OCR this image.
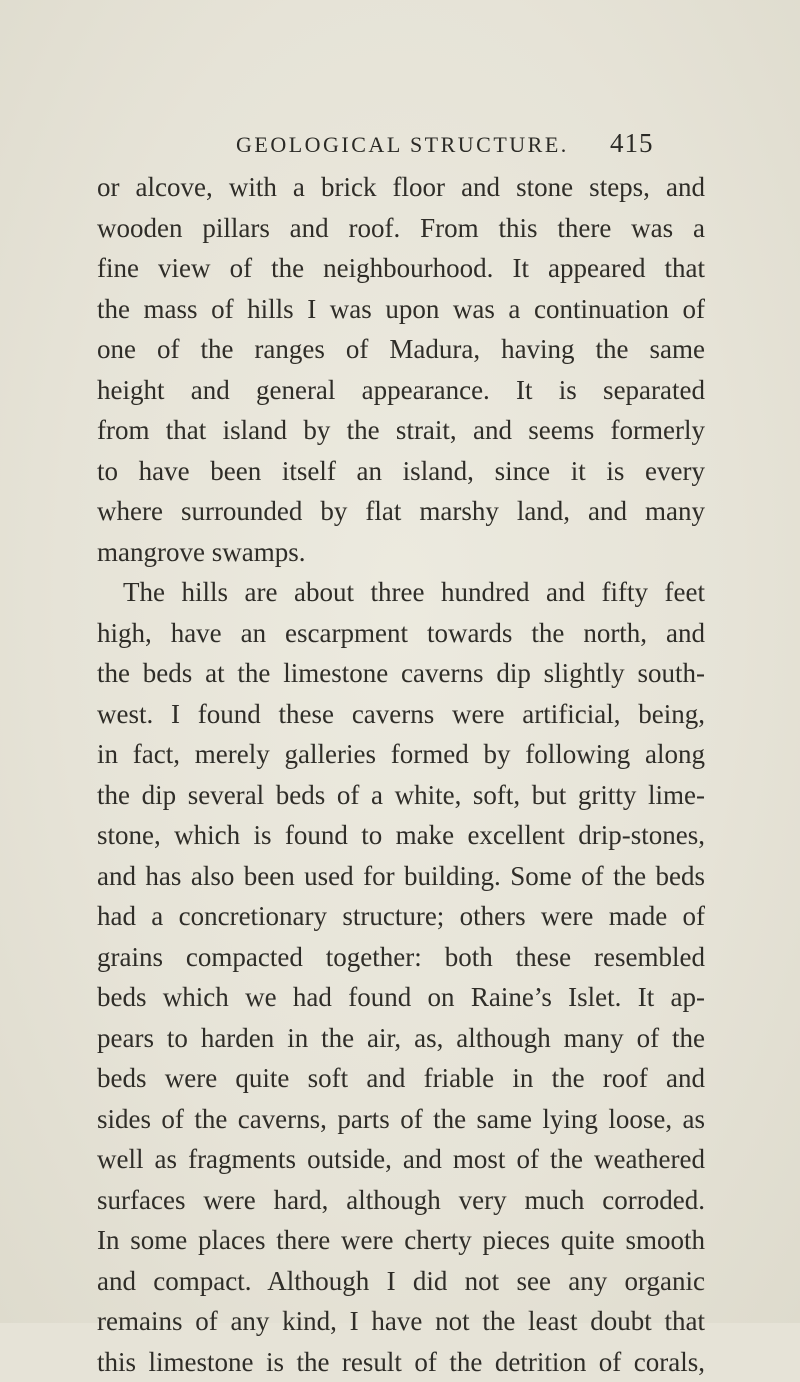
GEOLOGICAL STRUCTURE. 415
or alcove, with a brick floor and stone steps, and
wooden pillars and roof. From this there was a
fine view of the neighbourhood. It appeared that
the mass of hills I was upon was a continuation of
one of the ranges of Madura, having the same
height and general appearance. It is separated
from that island by the strait, and seems formerly
to have been itself an island, since it is every
where surrounded by flat marshy land, and many
mangrove swamps.
The hills are about three hundred and fifty feet
high, have an escarpment towards the north, and
the beds at the limestone caverns dip slightly south-
west. I found these caverns were artificial, being,
in fact, merely galleries formed by following along
the dip several beds of a white, soft, but gritty lime-
stone, which is found to make excellent drip-stones,
and has also been used for building. Some of the beds
had a concretionary structure; others were made of
grains compacted together: both these resembled
beds which we had found on Raine’s Islet. It ap-
pears to harden in the air, as, although many of the
beds were quite soft and friable in the roof and
sides of the caverns, parts of the same lying loose, as
well as fragments outside, and most of the weathered
surfaces were hard, although very much corroded.
In some places there were cherty pieces quite smooth
and compact. Although I did not see any organic
remains of any kind, I have not the least doubt that
this limestone is the result of the detrition of corals,
